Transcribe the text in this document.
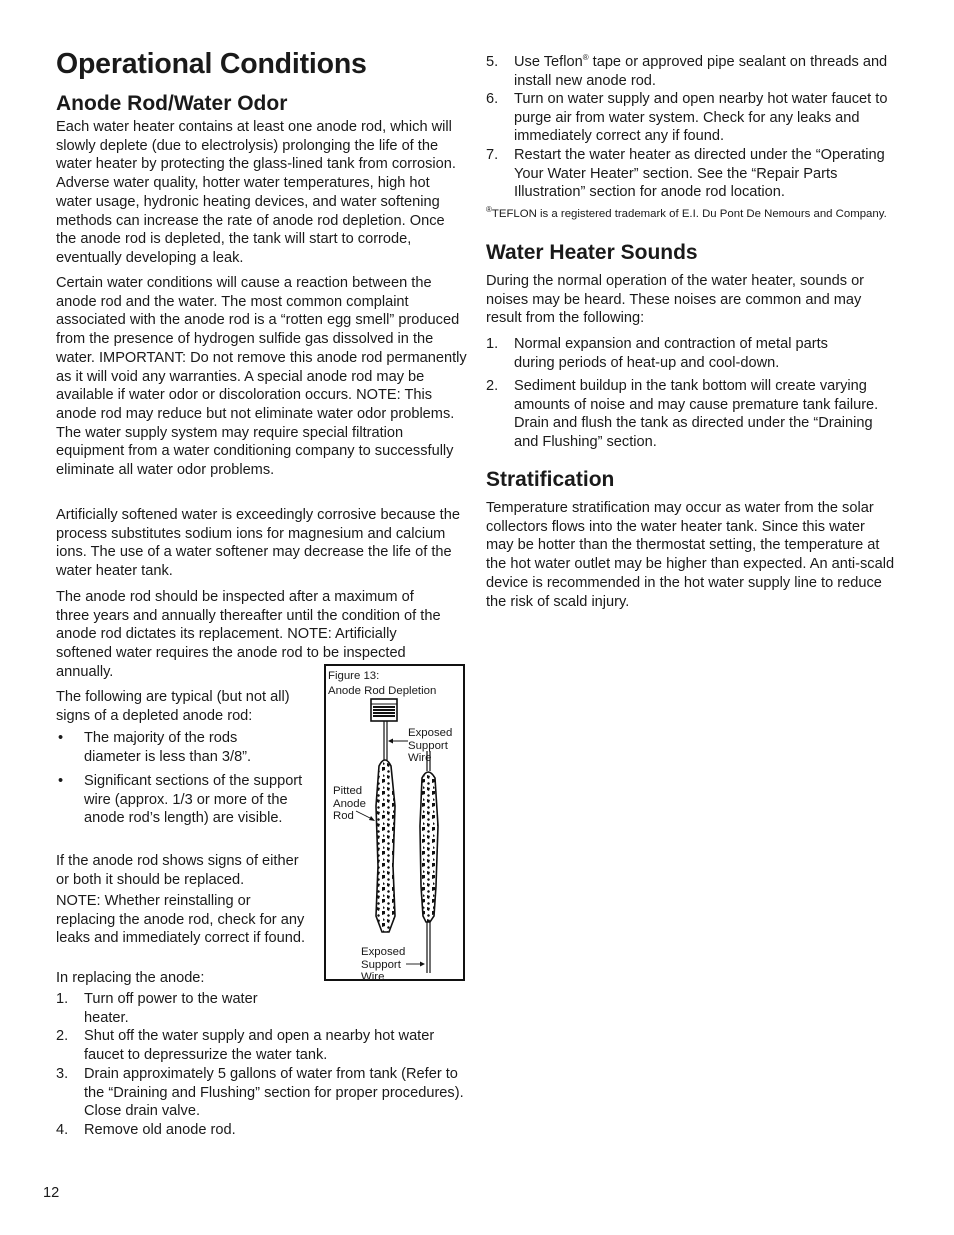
Operational Conditions
Anode Rod/Water Odor

Each water heater contains at least one anode rod, which will slowly deplete (due to electrolysis) prolonging the life of the water heater by protecting the glass-lined tank from corrosion. Adverse water quality, hotter water temperatures, high hot water usage, hydronic heating devices, and water softening methods can increase the rate of anode rod depletion. Once the anode rod is depleted, the tank will start to corrode, eventually developing a leak.

Certain water conditions will cause a reaction between the anode rod and the water. The most common complaint associated with the anode rod is a “rotten egg smell” produced from the presence of hydrogen sulfide gas dissolved in the water. IMPORTANT: Do not remove this anode rod permanently as it will void any warranties. A special anode rod may be available if water odor or discoloration occurs. NOTE: This anode rod may reduce but not eliminate water odor problems. The water supply system may require special filtration equipment from a water conditioning company to successfully eliminate all water odor problems.

Artificially softened water is exceedingly corrosive because the process substitutes sodium ions for magnesium and calcium ions. The use of a water softener may decrease the life of the water heater tank.

The anode rod should be inspected after a maximum of three years and annually thereafter until the condition of the anode rod dictates its replacement. NOTE: Artificially softened water requires the anode rod to be inspected annually.

The following are typical (but not all) signs of a depleted anode rod:

• The majority of the rods diameter is less than 3/8”.
• Significant sections of the support wire (approx. 1/3 or more of the anode rod’s length) are visible.

If the anode rod shows signs of either or both it should be replaced.

NOTE: Whether reinstalling or replacing the anode rod, check for any leaks and immediately correct if found.

In replacing the anode:

1. Turn off power to the water heater.
2. Shut off the water supply and open a nearby hot water faucet to depressurize the water tank.
3. Drain approximately 5 gallons of water from tank (Refer to the “Draining and Flushing” section for proper procedures). Close drain valve.
4. Remove old anode rod.
Figure 13:
Anode Rod Depletion
Exposed
Support
Wire
Pitted
Anode
Rod
Exposed
Support
Wire
5. Use Teflon® tape or approved pipe sealant on threads and install new anode rod.
6. Turn on water supply and open nearby hot water faucet to purge air from water system. Check for any leaks and immediately correct any if found.
7. Restart the water heater as directed under the “Operating Your Water Heater” section. See the “Repair Parts Illustration” section for anode rod location.
®TEFLON is a registered trademark of E.I. Du Pont De Nemours and Company.
Water Heater Sounds

During the normal operation of the water heater, sounds or noises may be heard. These noises are common and may result from the following:

1. Normal expansion and contraction of metal parts during periods of heat-up and cool-down.
2. Sediment buildup in the tank bottom will create varying amounts of noise and may cause premature tank failure. Drain and flush the tank as directed under the “Draining and Flushing” section.
Stratification

Temperature stratification may occur as water from the solar collectors flows into the water heater tank. Since this water may be hotter than the thermostat setting, the temperature at the hot water outlet may be higher than expected. An anti-scald device is recommended in the hot water supply line to reduce the risk of scald injury.

12
